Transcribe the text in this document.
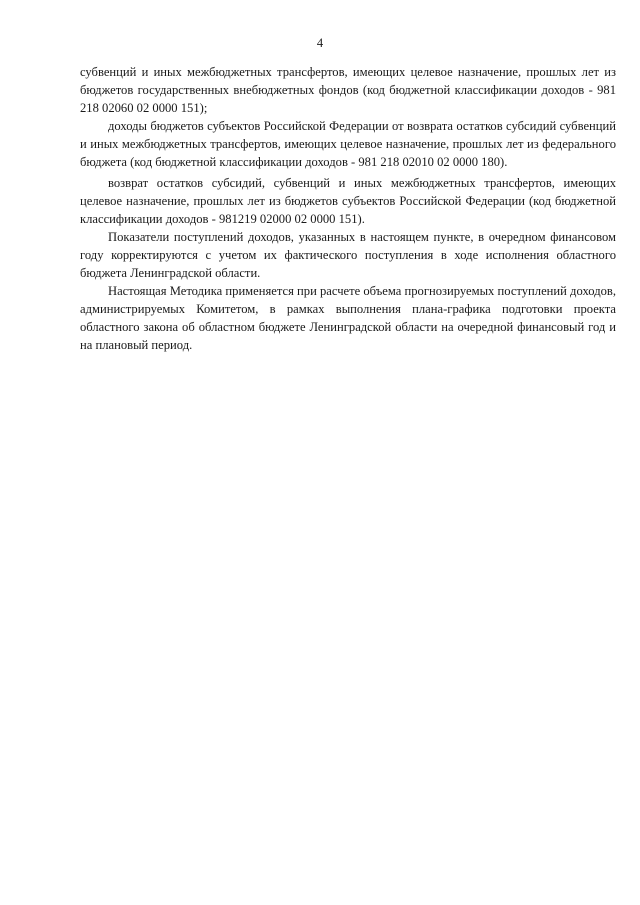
4

субвенций и иных межбюджетных трансфертов, имеющих целевое назначение, прошлых лет из бюджетов государственных внебюджетных фондов (код бюджетной классификации доходов - 981 218 02060 02 0000 151);

доходы бюджетов субъектов Российской Федерации от возврата остатков субсидий субвенций и иных межбюджетных трансфертов, имеющих целевое назначение, прошлых лет из федерального бюджета (код бюджетной классификации доходов - 981 218 02010 02 0000 180).

возврат остатков субсидий, субвенций и иных межбюджетных трансфертов, имеющих целевое назначение, прошлых лет из бюджетов субъектов Российской Федерации (код бюджетной классификации доходов - 981219 02000 02 0000 151).

Показатели поступлений доходов, указанных в настоящем пункте, в очередном финансовом году корректируются с учетом их фактического поступления в ходе исполнения областного бюджета Ленинградской области.

Настоящая Методика применяется при расчете объема прогнозируемых поступлений доходов, администрируемых Комитетом, в рамках выполнения плана-графика подготовки проекта областного закона об областном бюджете Ленинградской области на очередной финансовый год и на плановый период.
